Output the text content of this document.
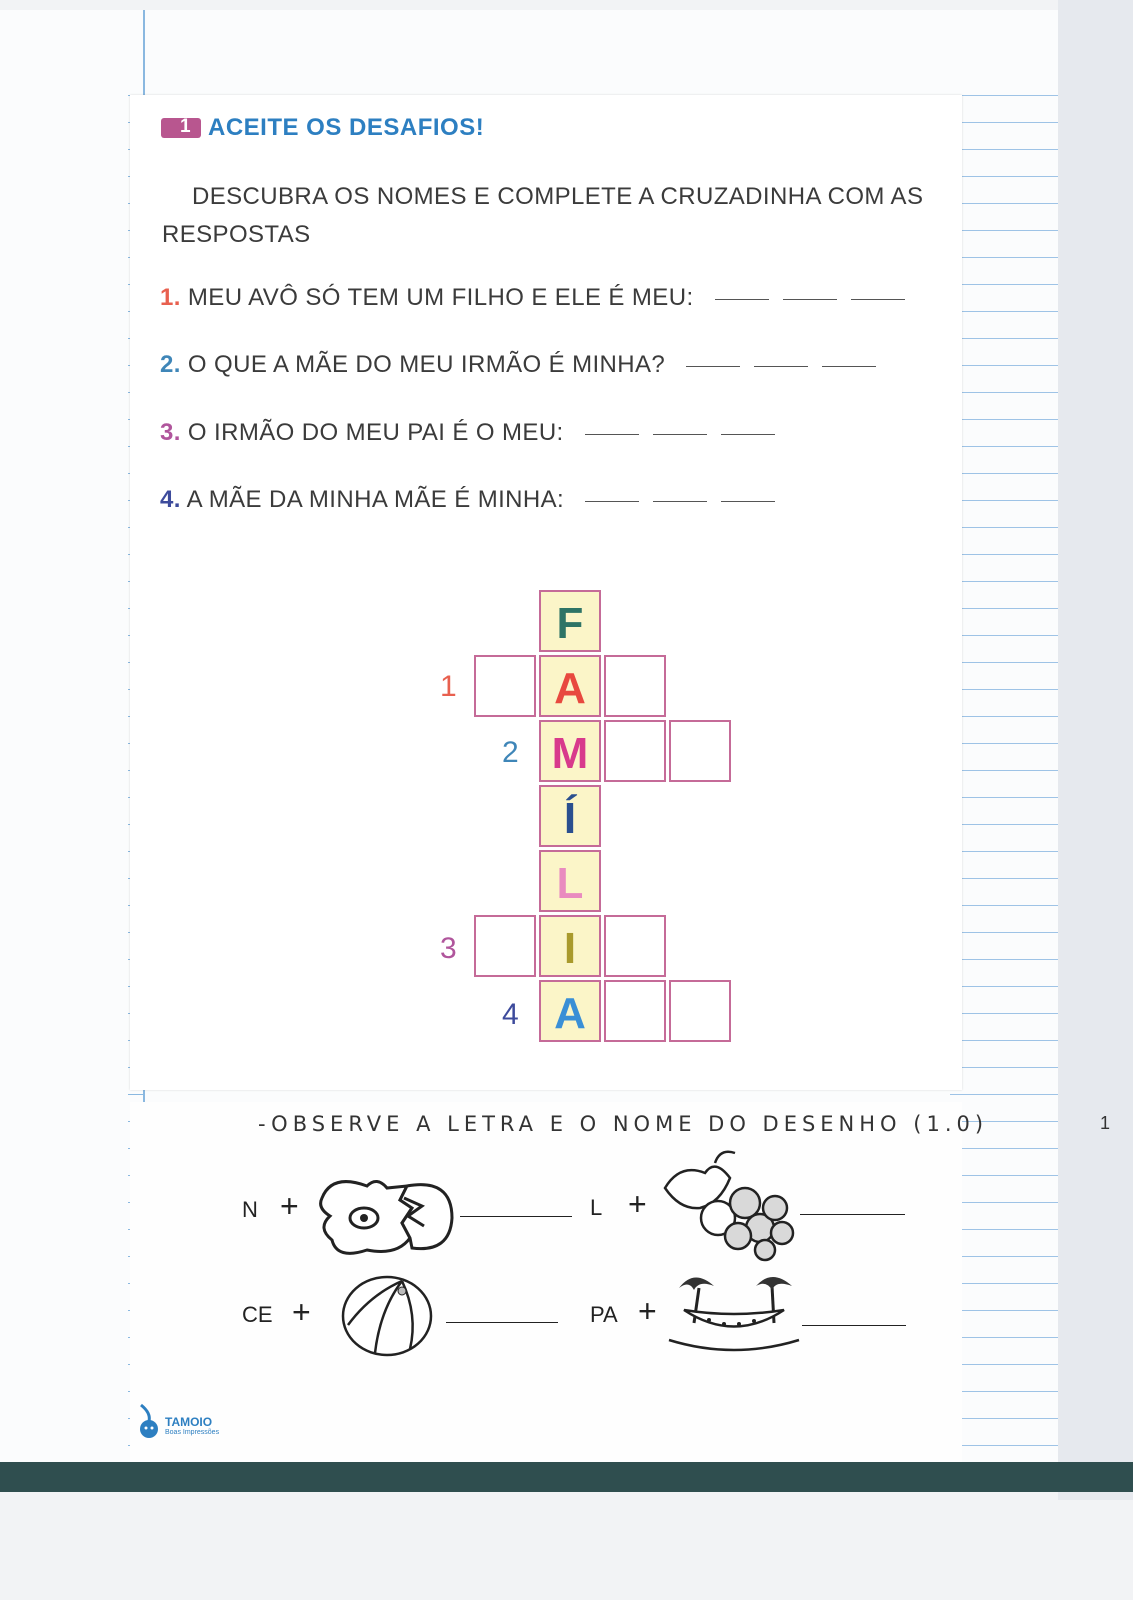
1 ACEITE OS DESAFIOS!
DESCUBRA OS NOMES E COMPLETE A CRUZADINHA COM AS RESPOSTAS
1. MEU AVÔ SÓ TEM UM FILHO E ELE É MEU:
2. O QUE A MÃE DO MEU IRMÃO É MINHA?
3. O IRMÃO DO MEU PAI É O MEU:
4. A MÃE DA MINHA MÃE É MINHA:
F
A
M
Í
L
I
A
1
2
3
4
-OBSERVE A LETRA E O NOME DO DESENHO (1.0)
N +	L +
CE +	PA +
TAMOIO
Boas Impressões
1
